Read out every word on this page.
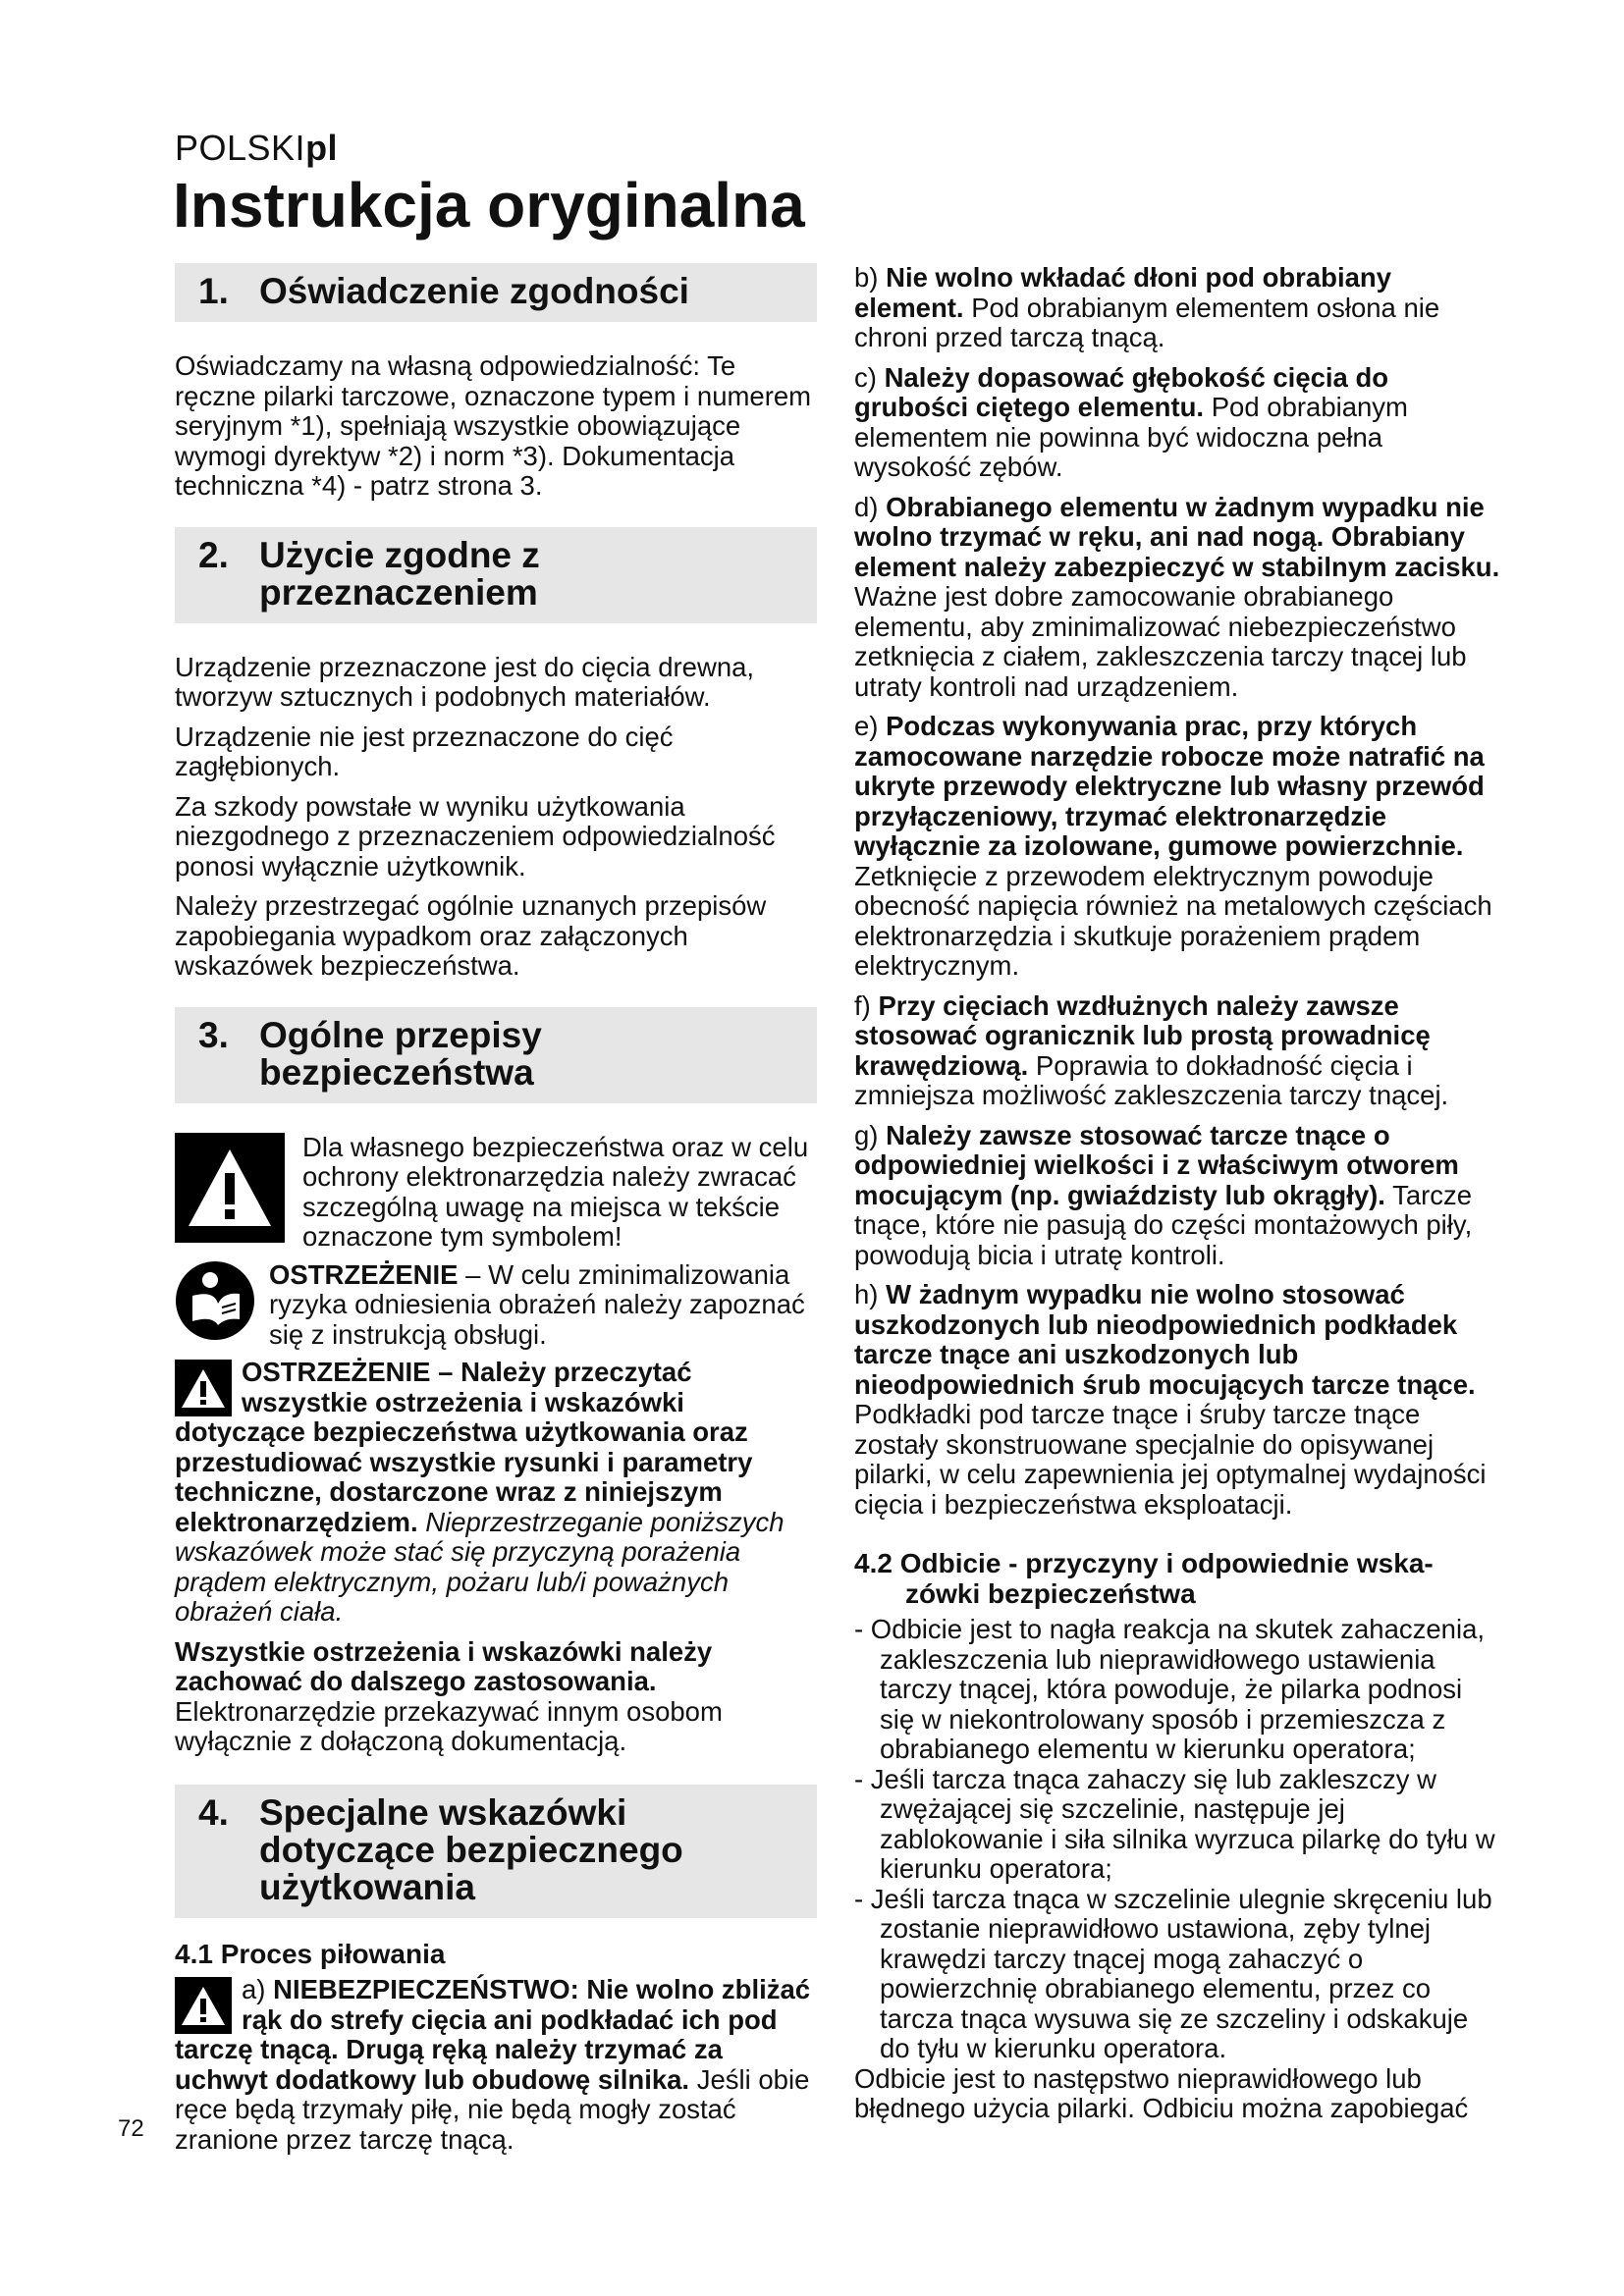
POLSKIpl
Instrukcja oryginalna
1. Oświadczenie zgodności

Oświadczamy na własną odpowiedzialność: Te ręczne pilarki tarczowe, oznaczone typem i numerem seryjnym *1), spełniają wszystkie obowiązujące wymogi dyrektyw *2) i norm *3). Dokumentacja techniczna *4) - patrz strona 3.

2. Użycie zgodne z
przeznaczeniem

Urządzenie przeznaczone jest do cięcia drewna, tworzyw sztucznych i podobnych materiałów.

Urządzenie nie jest przeznaczone do cięć zagłębionych.

Za szkody powstałe w wyniku użytkowania niezgodnego z przeznaczeniem odpowiedzialność ponosi wyłącznie użytkownik.

Należy przestrzegać ogólnie uznanych przepisów zapobiegania wypadkom oraz załączonych wskazówek bezpieczeństwa.

3. Ogólne przepisy
bezpieczeństwa
Dla własnego bezpieczeństwa oraz w celu ochrony elektronarzędzia należy zwracać szczególną uwagę na miejsca w tekście oznaczone tym symbolem!
OSTRZEŻENIE – W celu zminimalizowania ryzyka odniesienia obrażeń należy zapoznać się z instrukcją obsługi.

OSTRZEŻENIE – Należy przeczytać wszystkie ostrzeżenia i wskazówki dotyczące bezpieczeństwa użytkowania oraz przestudiować wszystkie rysunki i parametry techniczne, dostarczone wraz z niniejszym elektronarzędziem. Nieprzestrzeganie poniższych wskazówek może stać się przyczyną porażenia prądem elektrycznym, pożaru lub/i poważnych obrażeń ciała.

Wszystkie ostrzeżenia i wskazówki należy zachować do dalszego zastosowania. Elektronarzędzie przekazywać innym osobom wyłącznie z dołączoną dokumentacją.

4. Specjalne wskazówki
dotyczące bezpiecznego
użytkowania
4.1 Proces piłowania

a) NIEBEZPIECZEŃSTWO: Nie wolno zbliżać rąk do strefy cięcia ani podkładać ich pod tarczę tnącą. Drugą ręką należy trzymać za uchwyt dodatkowy lub obudowę silnika. Jeśli obie ręce będą trzymały piłę, nie będą mogły zostać zranione przez tarczę tnącą.

b) Nie wolno wkładać dłoni pod obrabiany element. Pod obrabianym elementem osłona nie chroni przed tarczą tnącą.

c) Należy dopasować głębokość cięcia do grubości ciętego elementu. Pod obrabianym elementem nie powinna być widoczna pełna wysokość zębów.

d) Obrabianego elementu w żadnym wypadku nie wolno trzymać w ręku, ani nad nogą. Obrabiany element należy zabezpieczyć w stabilnym zacisku. Ważne jest dobre zamocowanie obrabianego elementu, aby zminimalizować niebezpieczeństwo zetknięcia z ciałem, zakleszczenia tarczy tnącej lub utraty kontroli nad urządzeniem.

e) Podczas wykonywania prac, przy których zamocowane narzędzie robocze może natrafić na ukryte przewody elektryczne lub własny przewód przyłączeniowy, trzymać elektronarzędzie wyłącznie za izolowane, gumowe powierzchnie. Zetknięcie z przewodem elektrycznym powoduje obecność napięcia również na metalowych częściach elektronarzędzia i skutkuje porażeniem prądem elektrycznym.

f) Przy cięciach wzdłużnych należy zawsze stosować ogranicznik lub prostą prowadnicę krawędziową. Poprawia to dokładność cięcia i zmniejsza możliwość zakleszczenia tarczy tnącej.

g) Należy zawsze stosować tarcze tnące o odpowiedniej wielkości i z właściwym otworem mocującym (np. gwiaździsty lub okrągły). Tarcze tnące, które nie pasują do części montażowych piły, powodują bicia i utratę kontroli.

h) W żadnym wypadku nie wolno stosować uszkodzonych lub nieodpowiednich podkładek tarcze tnące ani uszkodzonych lub nieodpowiednich śrub mocujących tarcze tnące. Podkładki pod tarcze tnące i śruby tarcze tnące zostały skonstruowane specjalnie do opisywanej pilarki, w celu zapewnienia jej optymalnej wydajności cięcia i bezpieczeństwa eksploatacji.

4.2 Odbicie - przyczyny i odpowiednie wska-
zówki bezpieczeństwa
- Odbicie jest to nagła reakcja na skutek zahaczenia, zakleszczenia lub nieprawidłowego ustawienia tarczy tnącej, która powoduje, że pilarka podnosi się w niekontrolowany sposób i przemieszcza z obrabianego elementu w kierunku operatora;
- Jeśli tarcza tnąca zahaczy się lub zakleszczy w zwężającej się szczelinie, następuje jej zablokowanie i siła silnika wyrzuca pilarkę do tyłu w kierunku operatora;
- Jeśli tarcza tnąca w szczelinie ulegnie skręceniu lub zostanie nieprawidłowo ustawiona, zęby tylnej krawędzi tarczy tnącej mogą zahaczyć o powierzchnię obrabianego elementu, przez co tarcza tnąca wysuwa się ze szczeliny i odskakuje do tyłu w kierunku operatora.

Odbicie jest to następstwo nieprawidłowego lub błędnego użycia pilarki. Odbiciu można zapobiegać

72
